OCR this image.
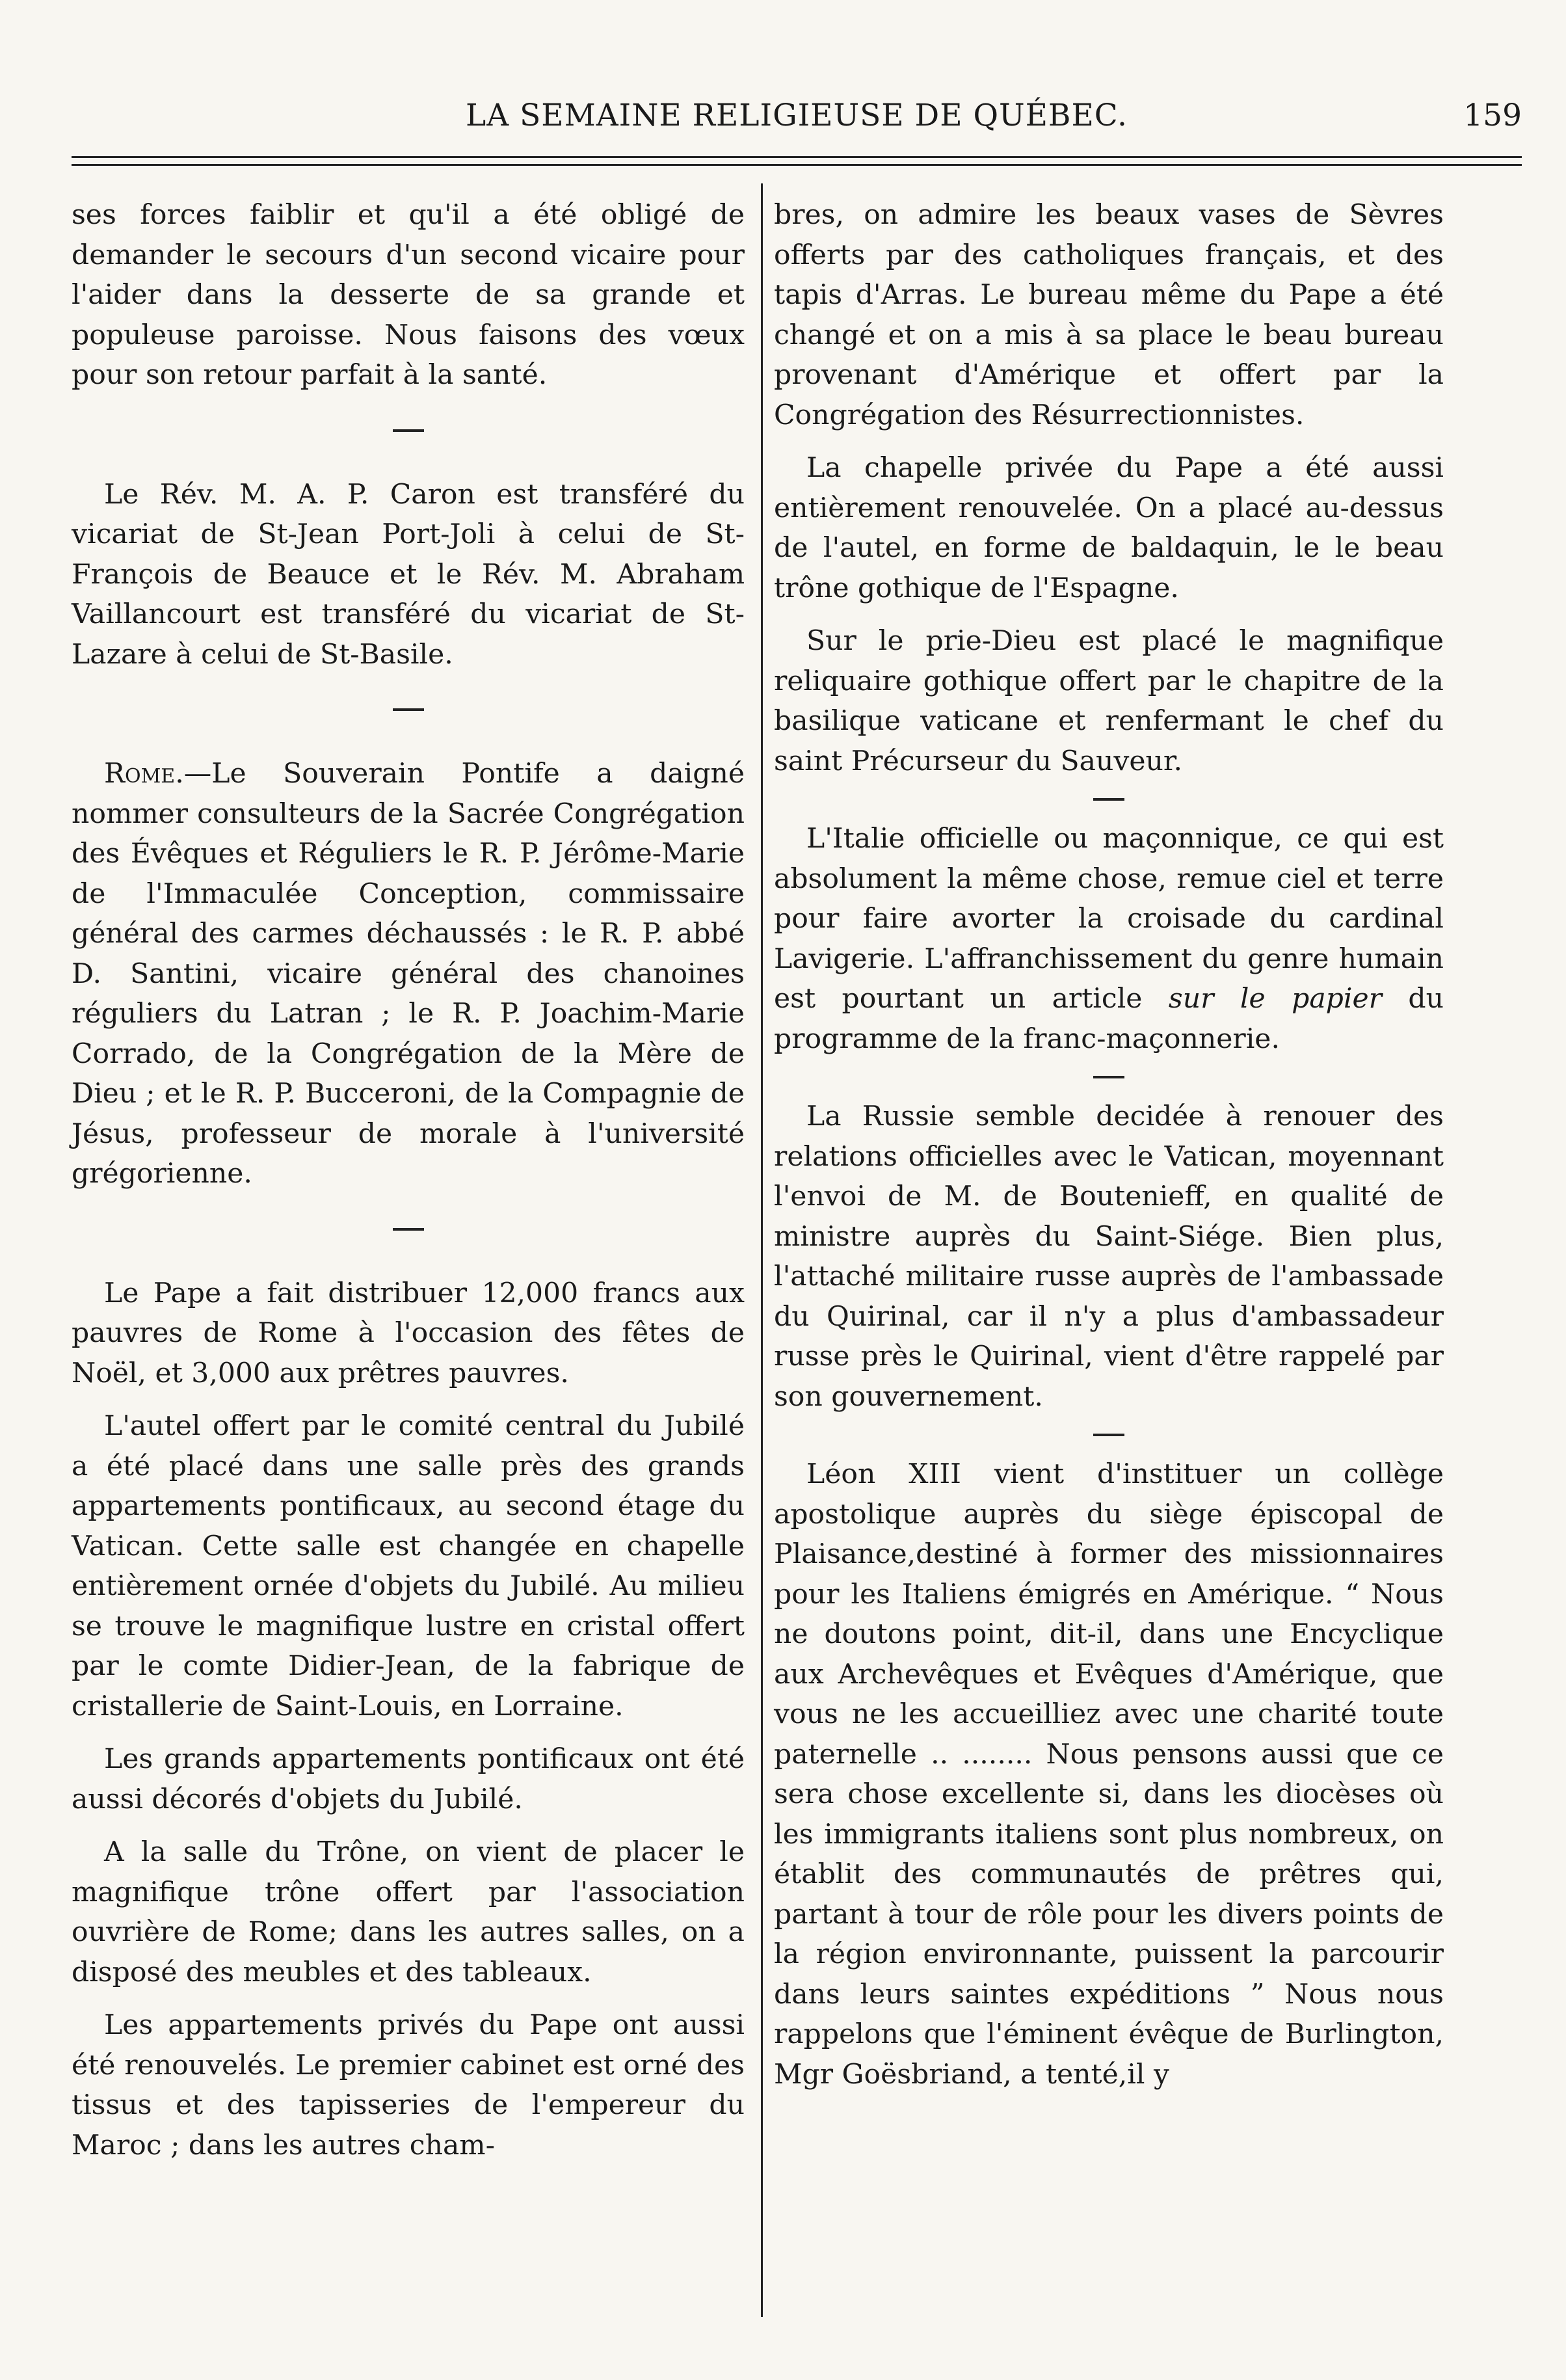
LA SEMAINE RELIGIEUSE DE QUÉBEC.	159

ses forces faiblir et qu'il a été obligé de demander le secours d'un second vicaire pour l'aider dans la desserte de sa grande et populeuse paroisse. Nous faisons des vœux pour son retour parfait à la santé.

Le Rév. M. A. P. Caron est transféré du vicariat de St-Jean Port-Joli à celui de St-François de Beauce et le Rév. M. Abraham Vaillancourt est transféré du vicariat de St-Lazare à celui de St-Basile.

Rome.—Le Souverain Pontife a daigné nommer consulteurs de la Sacrée Congrégation des Évêques et Réguliers le R. P. Jérôme-Marie de l'Immaculée Conception, commissaire général des carmes déchaussés : le R. P. abbé D. Santini, vicaire général des chanoines réguliers du Latran ; le R. P. Joachim-Marie Corrado, de la Congrégation de la Mère de Dieu ; et le R. P. Bucceroni, de la Compagnie de Jésus, professeur de morale à l'université grégorienne.

Le Pape a fait distribuer 12,000 francs aux pauvres de Rome à l'occasion des fêtes de Noël, et 3,000 aux prêtres pauvres.

L'autel offert par le comité central du Jubilé a été placé dans une salle près des grands appartements pontificaux, au second étage du Vatican. Cette salle est changée en chapelle entièrement ornée d'objets du Jubilé. Au milieu se trouve le magnifique lustre en cristal offert par le comte Didier-Jean, de la fabrique de cristallerie de Saint-Louis, en Lorraine.

Les grands appartements pontificaux ont été aussi décorés d'objets du Jubilé.

A la salle du Trône, on vient de placer le magnifique trône offert par l'association ouvrière de Rome; dans les autres salles, on a disposé des meubles et des tableaux.

Les appartements privés du Pape ont aussi été renouvelés. Le premier cabinet est orné des tissus et des tapisseries de l'empereur du Maroc ; dans les autres cham-

bres, on admire les beaux vases de Sèvres offerts par des catholiques français, et des tapis d'Arras. Le bureau même du Pape a été changé et on a mis à sa place le beau bureau provenant d'Amérique et offert par la Congrégation des Résurrectionnistes.

La chapelle privée du Pape a été aussi entièrement renouvelée. On a placé au-dessus de l'autel, en forme de baldaquin, le le beau trône gothique de l'Espagne.

Sur le prie-Dieu est placé le magnifique reliquaire gothique offert par le chapitre de la basilique vaticane et renfermant le chef du saint Précurseur du Sauveur.

L'Italie officielle ou maçonnique, ce qui est absolument la même chose, remue ciel et terre pour faire avorter la croisade du cardinal Lavigerie. L'affranchissement du genre humain est pourtant un article sur le papier du programme de la franc-maçonnerie.

La Russie semble decidée à renouer des relations officielles avec le Vatican, moyennant l'envoi de M. de Boutenieff, en qualité de ministre auprès du Saint-Siége. Bien plus, l'attaché militaire russe auprès de l'ambassade du Quirinal, car il n'y a plus d'ambassadeur russe près le Quirinal, vient d'être rappelé par son gouvernement.

Léon XIII vient d'instituer un collège apostolique auprès du siège épiscopal de Plaisance,destiné à former des missionnaires pour les Italiens émigrés en Amérique. “ Nous ne doutons point, dit-il, dans une Encyclique aux Archevêques et Evêques d'Amérique, que vous ne les accueilliez avec une charité toute paternelle .. ........ Nous pensons aussi que ce sera chose excellente si, dans les diocèses où les immigrants italiens sont plus nombreux, on établit des communautés de prêtres qui, partant à tour de rôle pour les divers points de la région environnante, puissent la parcourir dans leurs saintes expéditions ” Nous nous rappelons que l'éminent évêque de Burlington, Mgr Goësbriand, a tenté,il y
